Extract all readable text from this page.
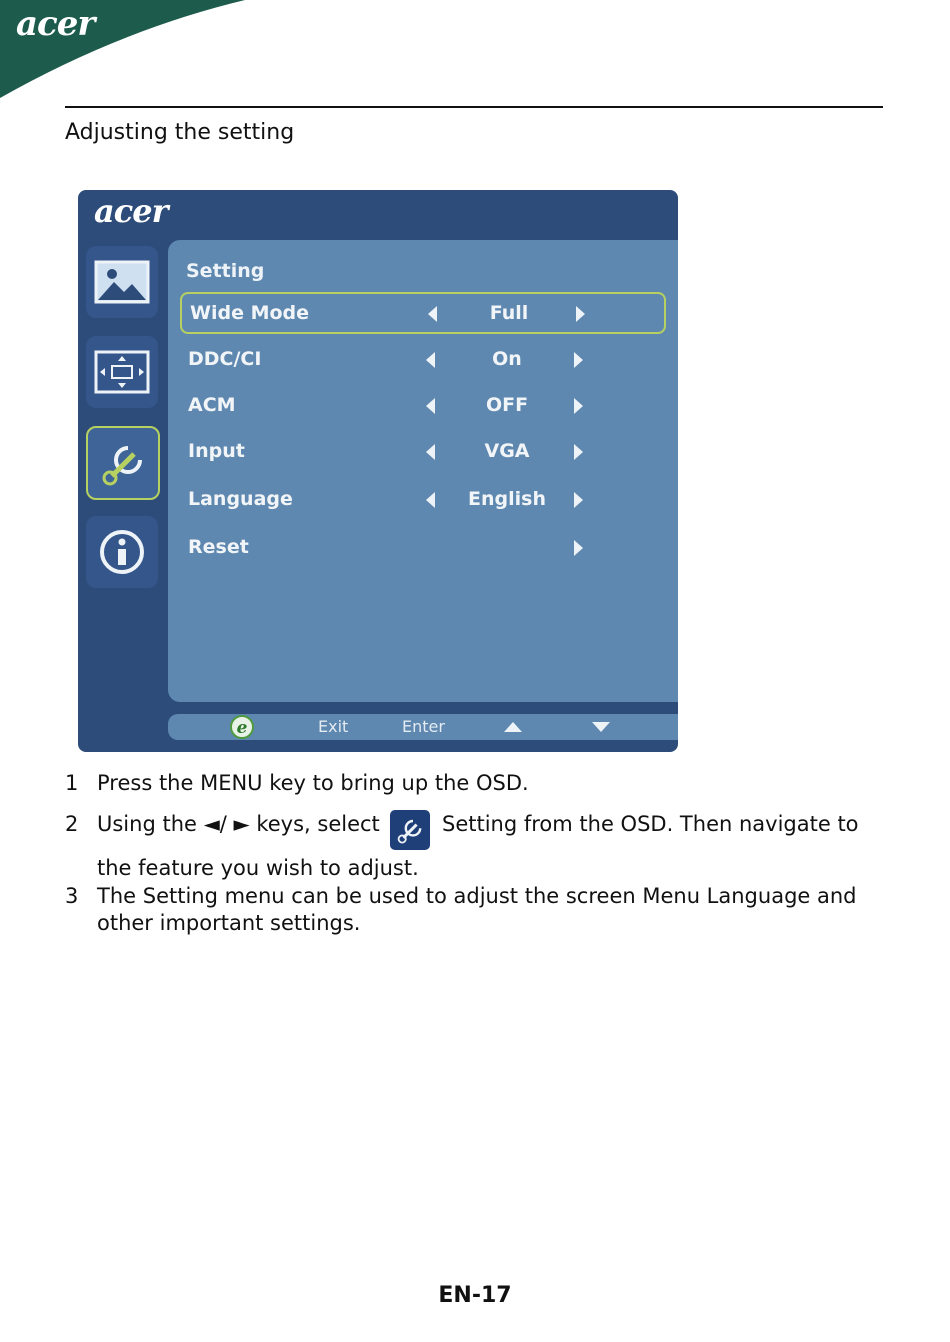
acer
Adjusting the setting
acer
Setting
Wide Mode	Full
DDC/CI	On
ACM	OFF
Input	VGA
Language	English
Reset
e	Exit	Enter
1 Press the MENU key to bring up the OSD.
2 Using the ◄/ ► keys, select	Setting from the OSD. Then navigate to
the feature you wish to adjust.
3 The Setting menu can be used to adjust the screen Menu Language and
other important settings.
EN-17
